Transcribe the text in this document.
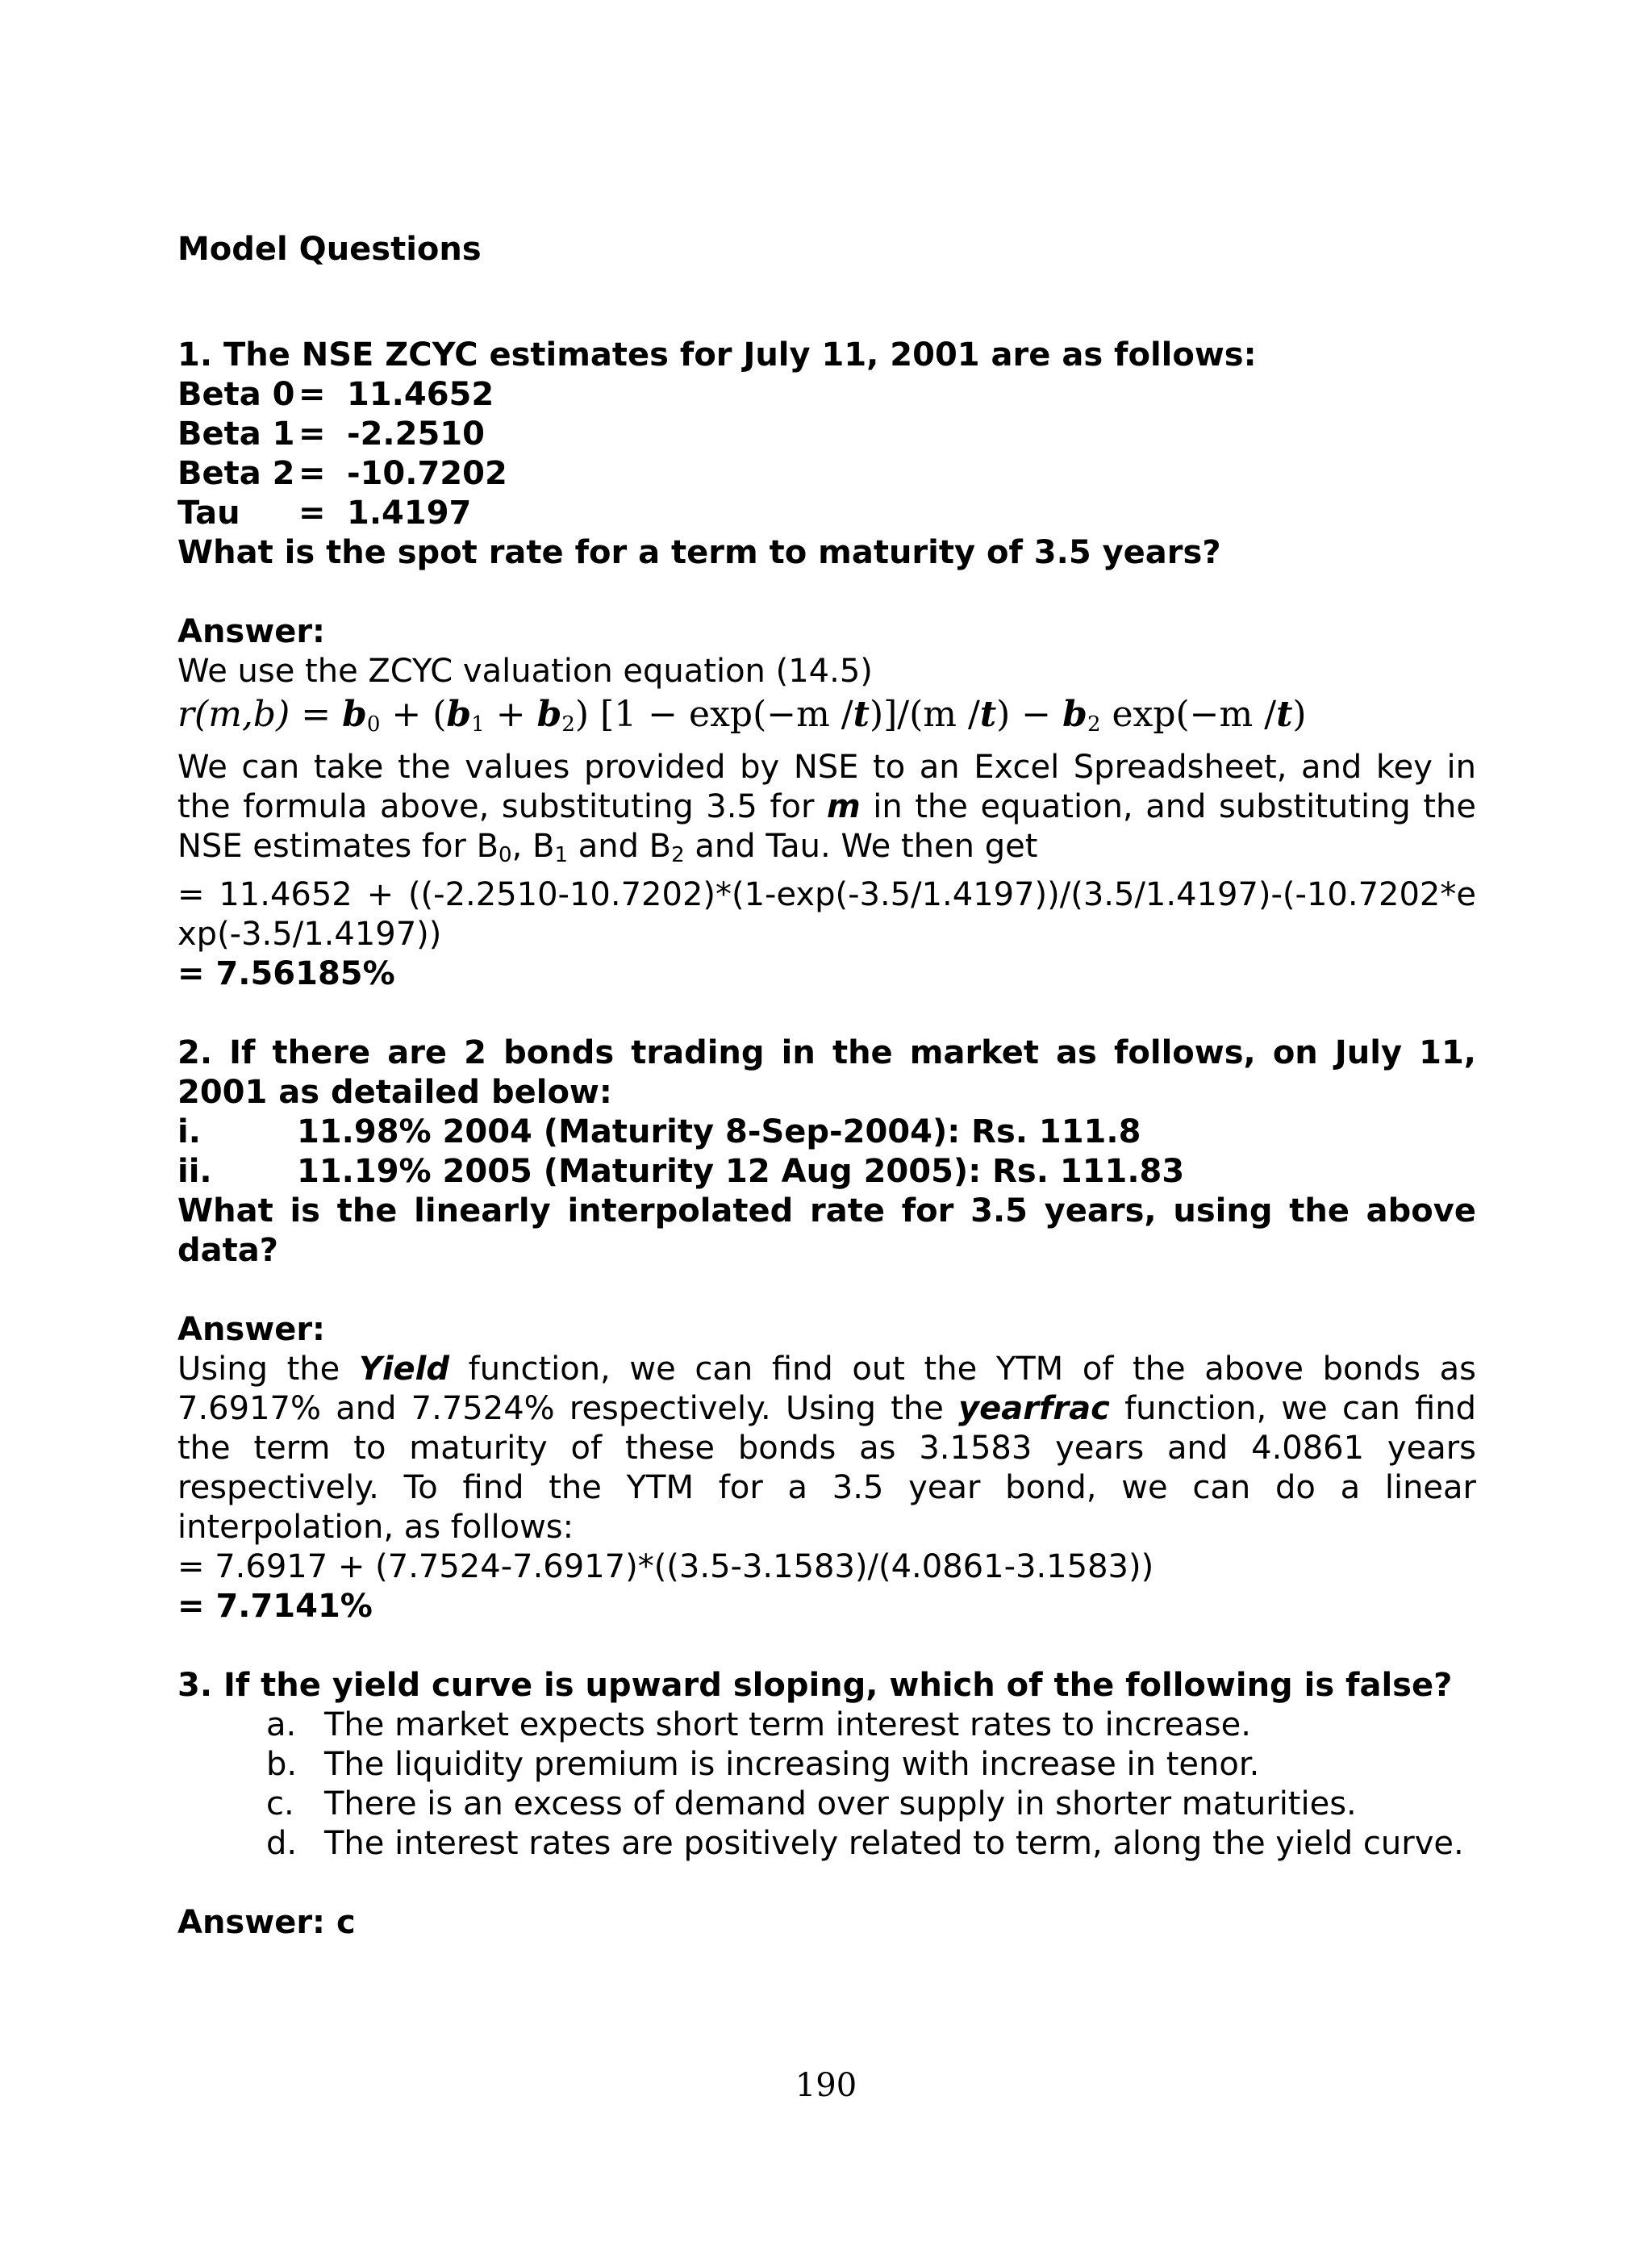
Model Questions
1. The NSE ZCYC estimates for July 11, 2001 are as follows:
Beta 0 = 11.4652
Beta 1 = -2.2510
Beta 2 = -10.7202
Tau	= 1.4197
What is the spot rate for a term to maturity of 3.5 years?
Answer:
We use the ZCYC valuation equation (14.5)
$r(m,b) = b_0 + (b_1 + b_2) [1 - \exp(-m$ /t)]/(m $/t) - b_2$ exp(−m /t)
We can take the values provided by NSE to an Excel Spreadsheet, and key in the formula above, substituting 3.5 for m in the equation, and substituting the NSE estimates for B0, B1 and B2 and Tau. We then get
= 11.4652 + ((-2.2510-10.7202)*(1-exp(-3.5/1.4197))/(3.5/1.4197)-(-10.7202*exp(-3.5/1.4197))
= 7.56185%
2. If there are 2 bonds trading in the market as follows, on July 11, 2001 as detailed below:
i.	11.98% 2004 (Maturity 8-Sep-2004): Rs. 111.8
ii.	11.19% 2005 (Maturity 12 Aug 2005): Rs. 111.83
What is the linearly interpolated rate for 3.5 years, using the above data?
Answer:
Using the Yield function, we can find out the YTM of the above bonds as 7.6917% and 7.7524% respectively. Using the yearfrac function, we can find the term to maturity of these bonds as 3.1583 years and 4.0861 years respectively. To find the YTM for a 3.5 year bond, we can do a linear interpolation, as follows:
= 7.6917 + (7.7524-7.6917)*((3.5-3.1583)/(4.0861-3.1583))
= 7.7141%
3. If the yield curve is upward sloping, which of the following is false?
a. The market expects short term interest rates to increase.
b. The liquidity premium is increasing with increase in tenor.
c. There is an excess of demand over supply in shorter maturities.
d. The interest rates are positively related to term, along the yield curve.
Answer: c
190
